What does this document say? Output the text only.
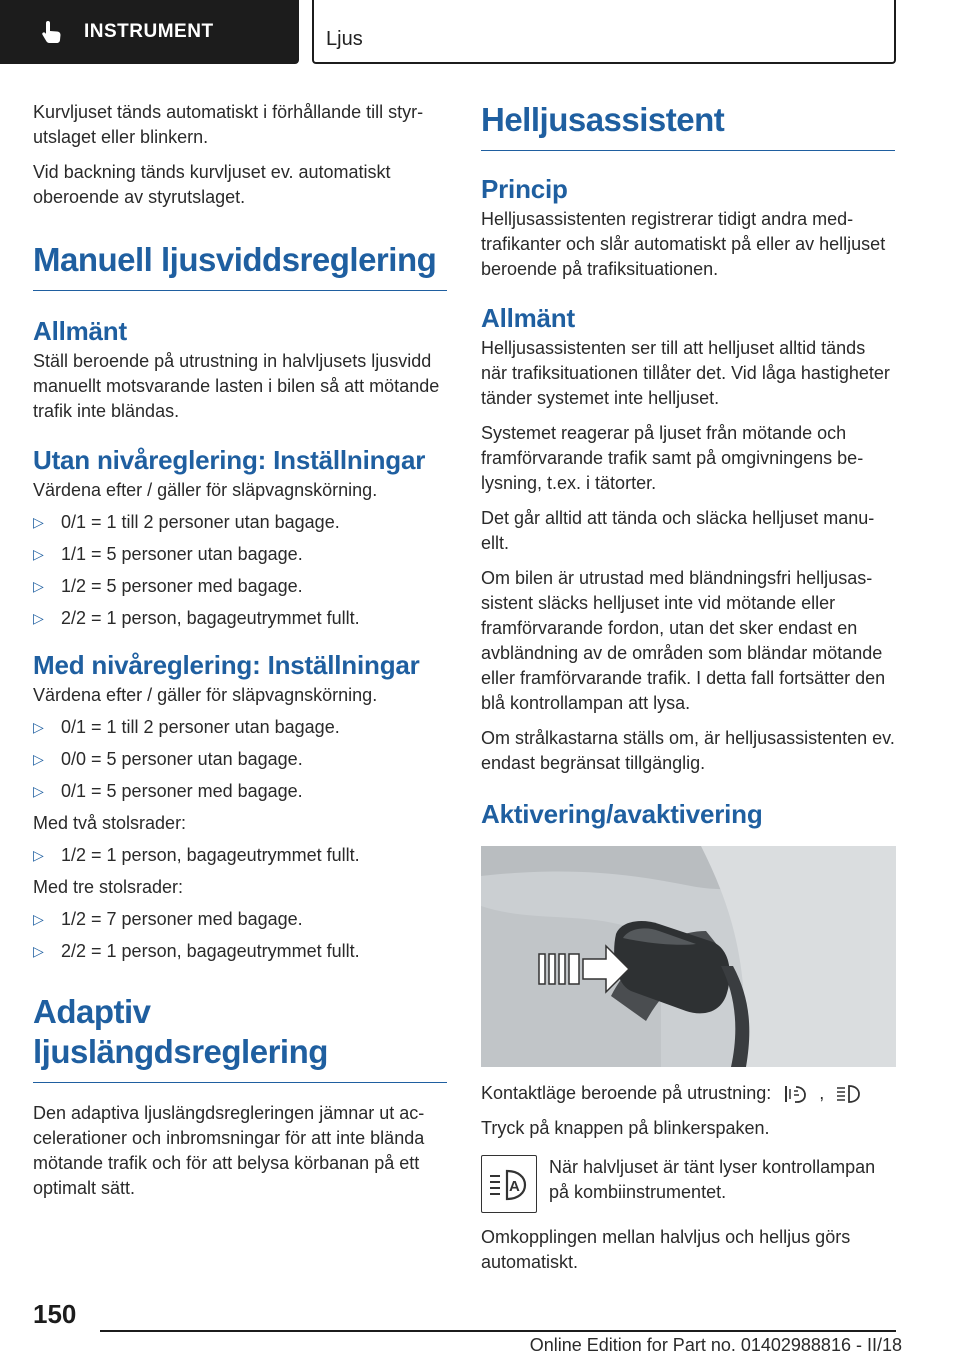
INSTRUMENT	Ljus

Kurvljuset tänds automatiskt i förhållande till styrutslaget eller blinkern.

Vid backning tänds kurvljuset ev. automatiskt oberoende av styrutslaget.

Manuell ljusviddsreglering
Allmänt

Ställ beroende på utrustning in halvljusets ljusvidd manuellt motsvarande lasten i bilen så att mötande trafik inte bländas.

Utan nivåreglering: Inställningar

Värdena efter / gäller för släpvagnskörning.

▷ 0/1 = 1 till 2 personer utan bagage.
▷ 1/1 = 5 personer utan bagage.
▷ 1/2 = 5 personer med bagage.
▷ 2/2 = 1 person, bagageutrymmet fullt.
Med nivåreglering: Inställningar

Värdena efter / gäller för släpvagnskörning.

▷ 0/1 = 1 till 2 personer utan bagage.
▷ 0/0 = 5 personer utan bagage.
▷ 0/1 = 5 personer med bagage.

Med två stolsrader:

▷ 1/2 = 1 person, bagageutrymmet fullt.

Med tre stolsrader:

▷ 1/2 = 7 personer med bagage.
▷ 2/2 = 1 person, bagageutrymmet fullt.
Adaptiv ljuslängdsreglering

Den adaptiva ljuslängdsregleringen jämnar ut accelerationer och inbromsningar för att inte blända mötande trafik och för att belysa körbanan på ett optimalt sätt.

Helljusassistent
Princip

Helljusassistenten registrerar tidigt andra medtrafikanter och slår automatiskt på eller av helljuset beroende på trafiksituationen.

Allmänt

Helljusassistenten ser till att helljuset alltid tänds när trafiksituationen tillåter det. Vid låga hastigheter tänder systemet inte helljuset.

Systemet reagerar på ljuset från mötande och framförvarande trafik samt på omgivningens belysning, t.ex. i tätorter.

Det går alltid att tända och släcka helljuset manuellt.

Om bilen är utrustad med bländningsfri helljusassistent släcks helljuset inte vid mötande eller framförvarande fordon, utan det sker endast en avbländning av de områden som bländar mötande eller framförvarande trafik. I detta fall fortsätter den blå kontrollampan att lysa.

Om strålkastarna ställs om, är helljusassistenten ev. endast begränsat tillgänglig.

Aktivering/avaktivering

Kontaktläge beroende på utrustning:	,

Tryck på knappen på blinkerspaken.

A

När halvljuset är tänt lyser kontrollampan på kombiinstrumentet.

Omkopplingen mellan halvljus och helljus görs automatiskt.

150
Online Edition for Part no. 01402988816 - II/18
